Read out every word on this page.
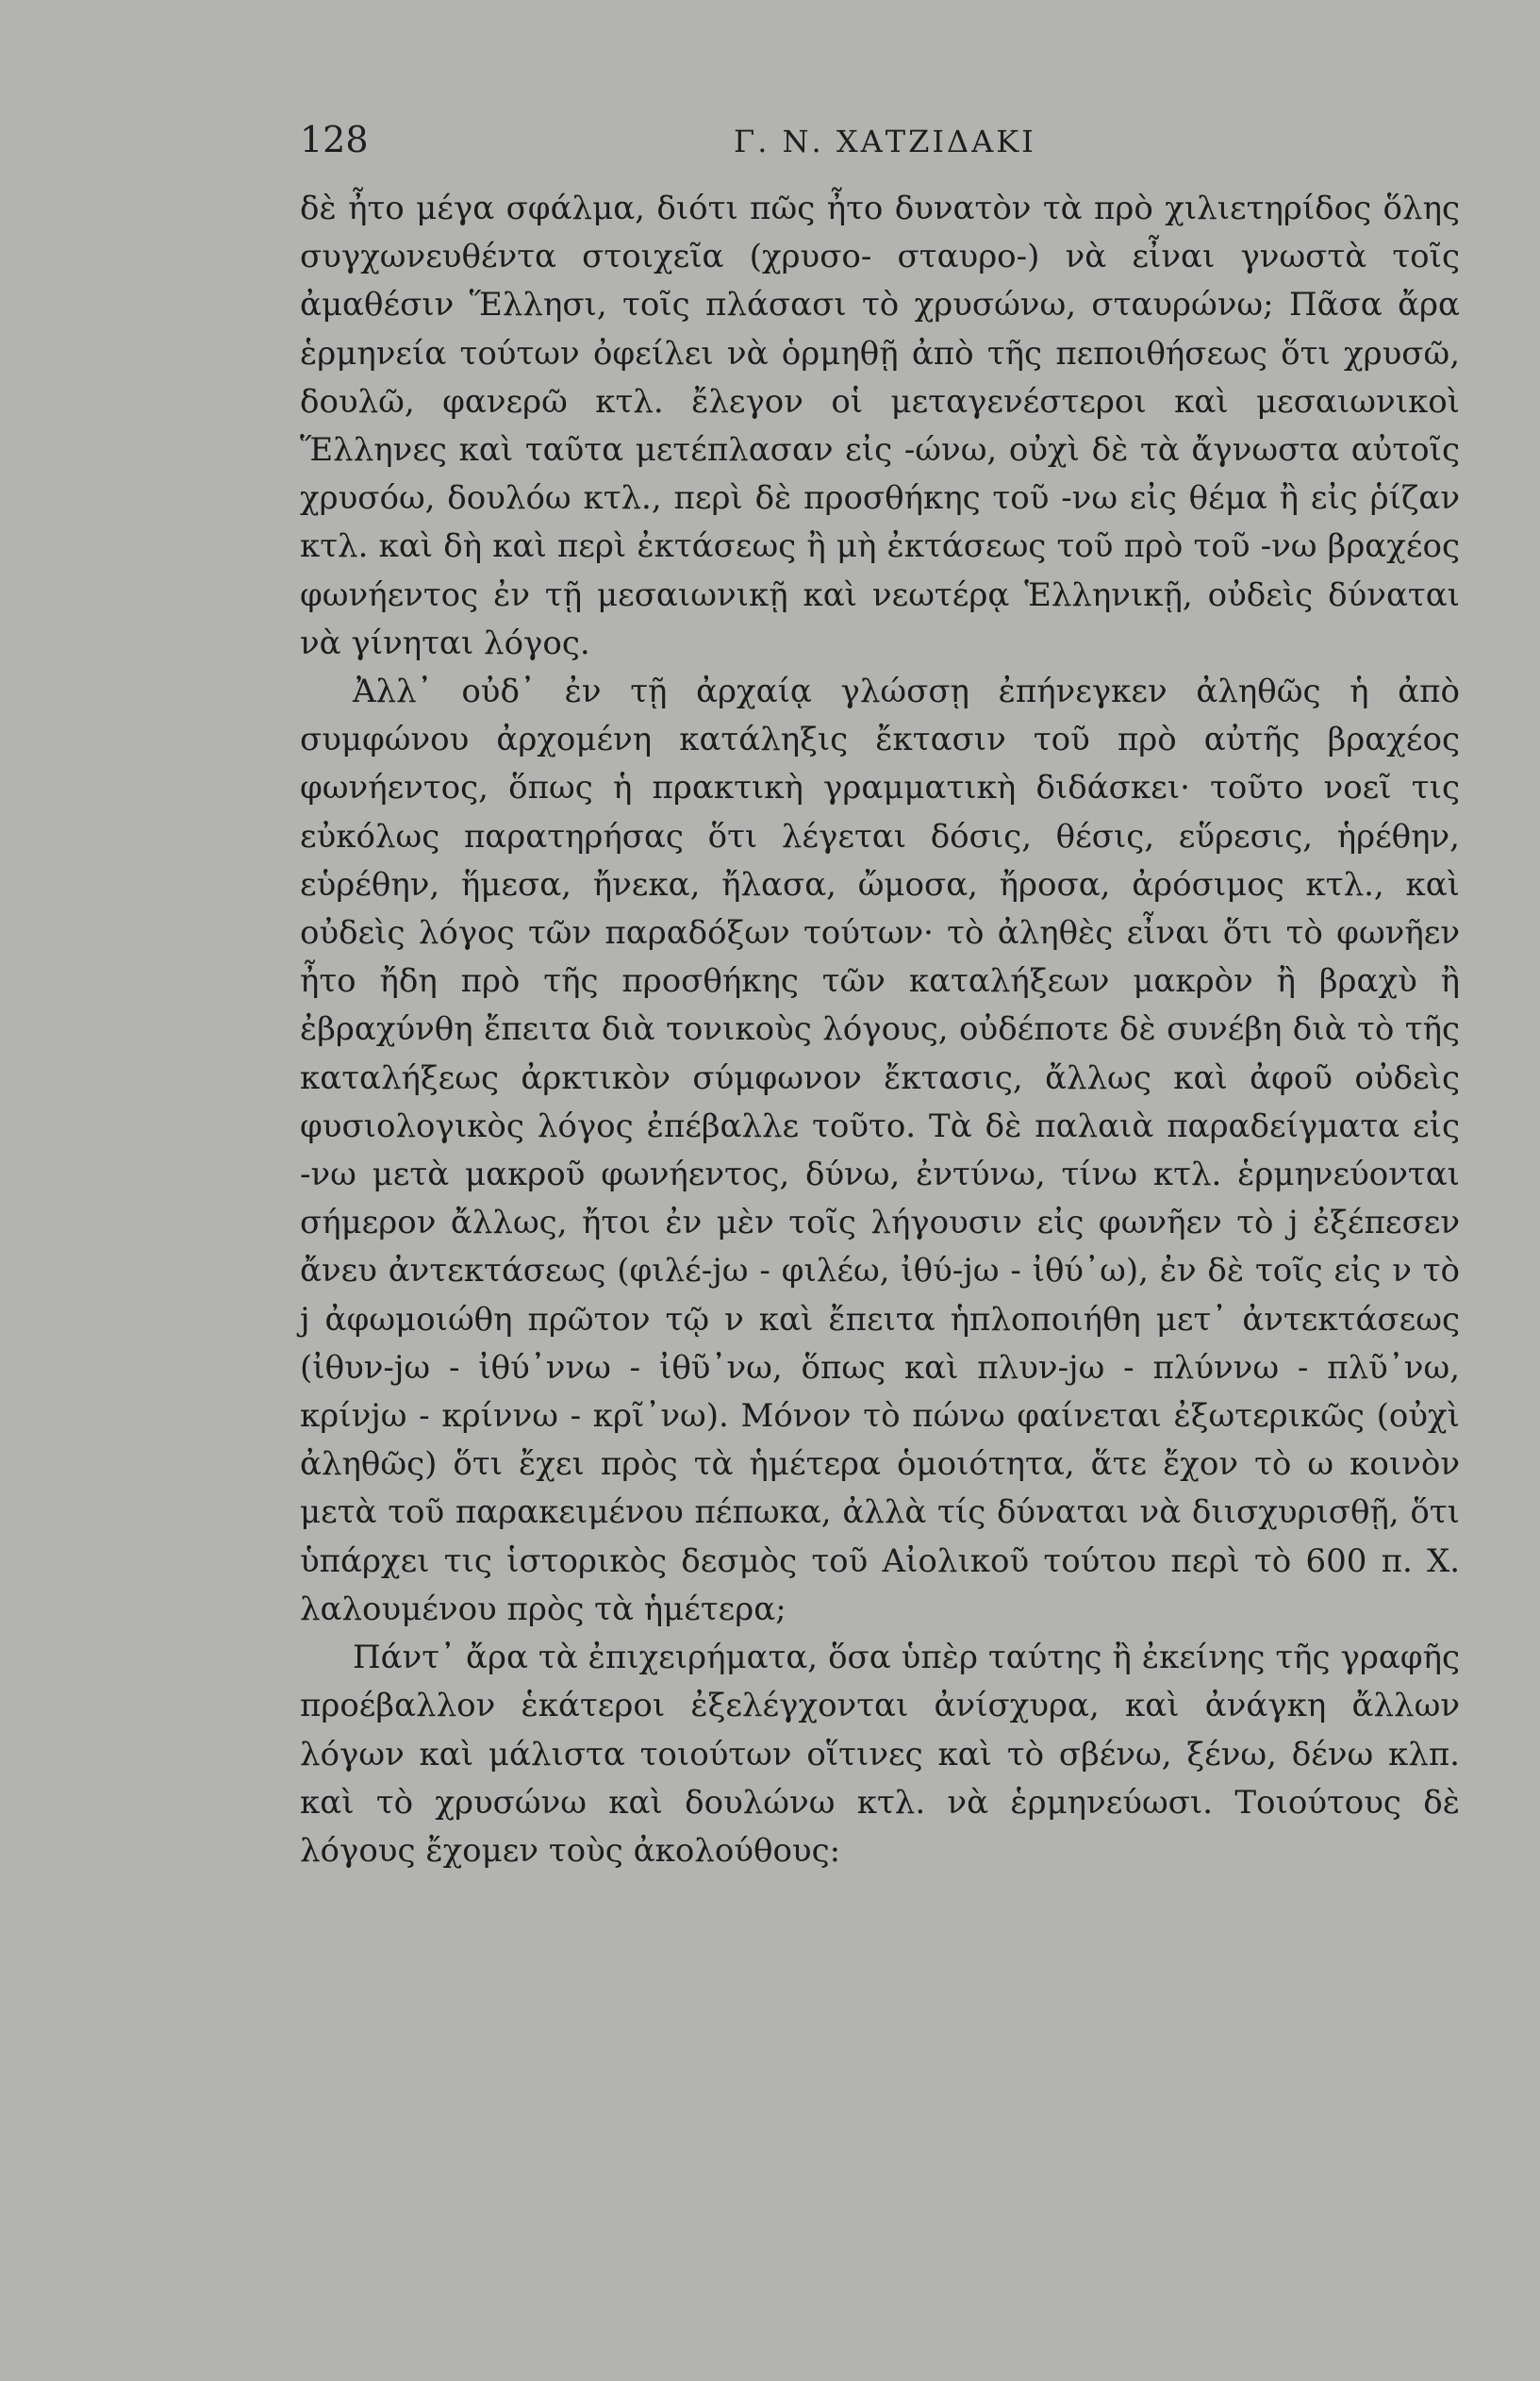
128	Γ. Ν. ΧΑΤΖΙΔΑΚΙ

δὲ ἦτο μέγα σφάλμα, διότι πῶς ἦτο δυνατὸν τὰ πρὸ χιλιετηρίδος ὅλης συγχωνευθέντα στοιχεῖα (χρυσο- σταυρο-) νὰ εἶναι γνωστὰ τοῖς ἀμαθέσιν Ἕλλησι, τοῖς πλάσασι τὸ χρυσώνω, σταυρώνω; Πᾶσα ἄρα ἑρμηνεία τούτων ὀφείλει νὰ ὁρμηθῇ ἀπὸ τῆς πεποιθήσεως ὅτι χρυσῶ, δουλῶ, φανερῶ κτλ. ἔλεγον οἱ μεταγενέστεροι καὶ μεσαιωνικοὶ Ἕλληνες καὶ ταῦτα μετέπλασαν εἰς -ώνω, οὐχὶ δὲ τὰ ἄγνωστα αὐτοῖς χρυσόω, δουλόω κτλ., περὶ δὲ προσθήκης τοῦ -νω εἰς θέμα ἢ εἰς ῥίζαν κτλ. καὶ δὴ καὶ περὶ ἐκτάσεως ἢ μὴ ἐκτάσεως τοῦ πρὸ τοῦ -νω βραχέος φωνήεντος ἐν τῇ μεσαιωνικῇ καὶ νεωτέρᾳ Ἑλληνικῇ, οὐδεὶς δύναται νὰ γίνηται λόγος.

Ἀλλ᾽ οὐδ᾽ ἐν τῇ ἀρχαίᾳ γλώσσῃ ἐπήνεγκεν ἀληθῶς ἡ ἀπὸ συμφώνου ἀρχομένη κατάληξις ἔκτασιν τοῦ πρὸ αὐτῆς βραχέος φωνήεντος, ὅπως ἡ πρακτικὴ γραμματικὴ διδάσκει· τοῦτο νοεῖ τις εὐκόλως παρατηρήσας ὅτι λέγεται δόσις, θέσις, εὕρεσις, ἡρέθην, εὑρέθην, ἥμεσα, ἤνεκα, ἤλασα, ὤμοσα, ἤροσα, ἀρόσιμος κτλ., καὶ οὐδεὶς λόγος τῶν παραδόξων τούτων· τὸ ἀληθὲς εἶναι ὅτι τὸ φωνῆεν ἦτο ἤδη πρὸ τῆς προσθήκης τῶν καταλήξεων μακρὸν ἢ βραχὺ ἢ ἐβραχύνθη ἔπειτα διὰ τονικοὺς λόγους, οὐδέποτε δὲ συνέβη διὰ τὸ τῆς καταλήξεως ἀρκτικὸν σύμφωνον ἔκτασις, ἄλλως καὶ ἀφοῦ οὐδεὶς φυσιολογικὸς λόγος ἐπέβαλλε τοῦτο. Τὰ δὲ παλαιὰ παραδείγματα εἰς -νω μετὰ μακροῦ φωνήεντος, δύνω, ἐντύνω, τίνω κτλ. ἑρμηνεύονται σήμερον ἄλλως, ἤτοι ἐν μὲν τοῖς λήγουσιν εἰς φωνῆεν τὸ j ἐξέπεσεν ἄνευ ἀντεκτάσεως (φιλέ-jω - φιλέω, ἰθύ-jω - ἰθύ᾽ω), ἐν δὲ τοῖς εἰς ν τὸ j ἀφωμοιώθη πρῶτον τῷ ν καὶ ἔπειτα ἡπλοποιήθη μετ᾽ ἀντεκτάσεως (ἰθυν-jω - ἰθύ᾽ννω - ἰθῦ᾽νω, ὅπως καὶ πλυν-jω - πλύννω - πλῦ᾽νω, κρίνjω - κρίννω - κρῖ᾽νω). Μόνον τὸ πώνω φαίνεται ἐξωτερικῶς (οὐχὶ ἀληθῶς) ὅτι ἔχει πρὸς τὰ ἡμέτερα ὁμοιότητα, ἅτε ἔχον τὸ ω κοινὸν μετὰ τοῦ παρακειμένου πέπωκα, ἀλλὰ τίς δύναται νὰ διισχυρισθῇ, ὅτι ὑπάρχει τις ἱστορικὸς δεσμὸς τοῦ Αἰολικοῦ τούτου περὶ τὸ 600 π. Χ. λαλουμένου πρὸς τὰ ἡμέτερα;

Πάντ᾽ ἄρα τὰ ἐπιχειρήματα, ὅσα ὑπὲρ ταύτης ἢ ἐκείνης τῆς γραφῆς προέβαλλον ἑκάτεροι ἐξελέγχονται ἀνίσχυρα, καὶ ἀνάγκη ἄλλων λόγων καὶ μάλιστα τοιούτων οἵτινες καὶ τὸ σβένω, ξένω, δένω κλπ. καὶ τὸ χρυσώνω καὶ δουλώνω κτλ. νὰ ἑρμηνεύωσι. Τοιούτους δὲ λόγους ἔχομεν τοὺς ἀκολούθους:
